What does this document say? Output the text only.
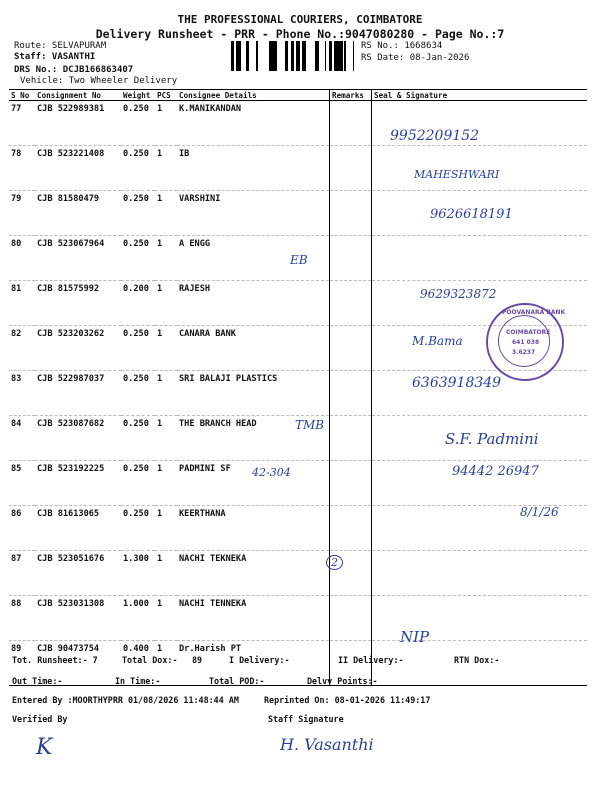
THE PROFESSIONAL COURIERS, COIMBATORE
Delivery Runsheet - PRR - Phone No.:9047080280 - Page No.:7
Route: SELVAPURAM
Staff: VASANTHI
DRS No.: DCJB166863407
Vehicle: Two Wheeler Delivery
RS No.: 1668634
RS Date: 08-Jan-2026
S No	Consignment No	Weight	PCS	Consignee Details	Remarks	Seal & Signature
77	CJB 522989381	0.250	1	K.MANIKANDAN		
78	CJB 523221408	0.250	1	IB		
79	CJB 81580479	0.250	1	VARSHINI		
80	CJB 523067964	0.250	1	A ENGG		
81	CJB 81575992	0.200	1	RAJESH		
82	CJB 523203262	0.250	1	CANARA BANK		
83	CJB 522987037	0.250	1	SRI BALAJI PLASTICS		
84	CJB 523087682	0.250	1	THE BRANCH HEAD		
85	CJB 523192225	0.250	1	PADMINI SF		
86	CJB 81613065	0.250	1	KEERTHANA		
87	CJB 523051676	1.300	1	NACHI TEKNEKA		
88	CJB 523031308	1.000	1	NACHI TENNEKA		
89	CJB 90473754	0.400	1	Dr.Harish PT		
9952209152
MAHESHWARI
9626618191
EB
9629323872
M.Bama
6363918349
TMB
S.F. Padmini
94442 26947
42-304
8/1/26
2
NIP
POOVANARA BANK
COIMBATORE
641 038
3.6237
Tot. Runsheet:- 7	Total Dox:- 89	I Delivery:-	II Delivery:-	RTN Dox:-
Out Time:-	In Time:-	Total POD:-	Delvy Points:-
Entered By :MOORTHYPRR 01/08/2026 11:48:44 AM	Reprinted On: 08-01-2026 11:49:17
Verified By	Staff Signature
K	H. Vasanthi
